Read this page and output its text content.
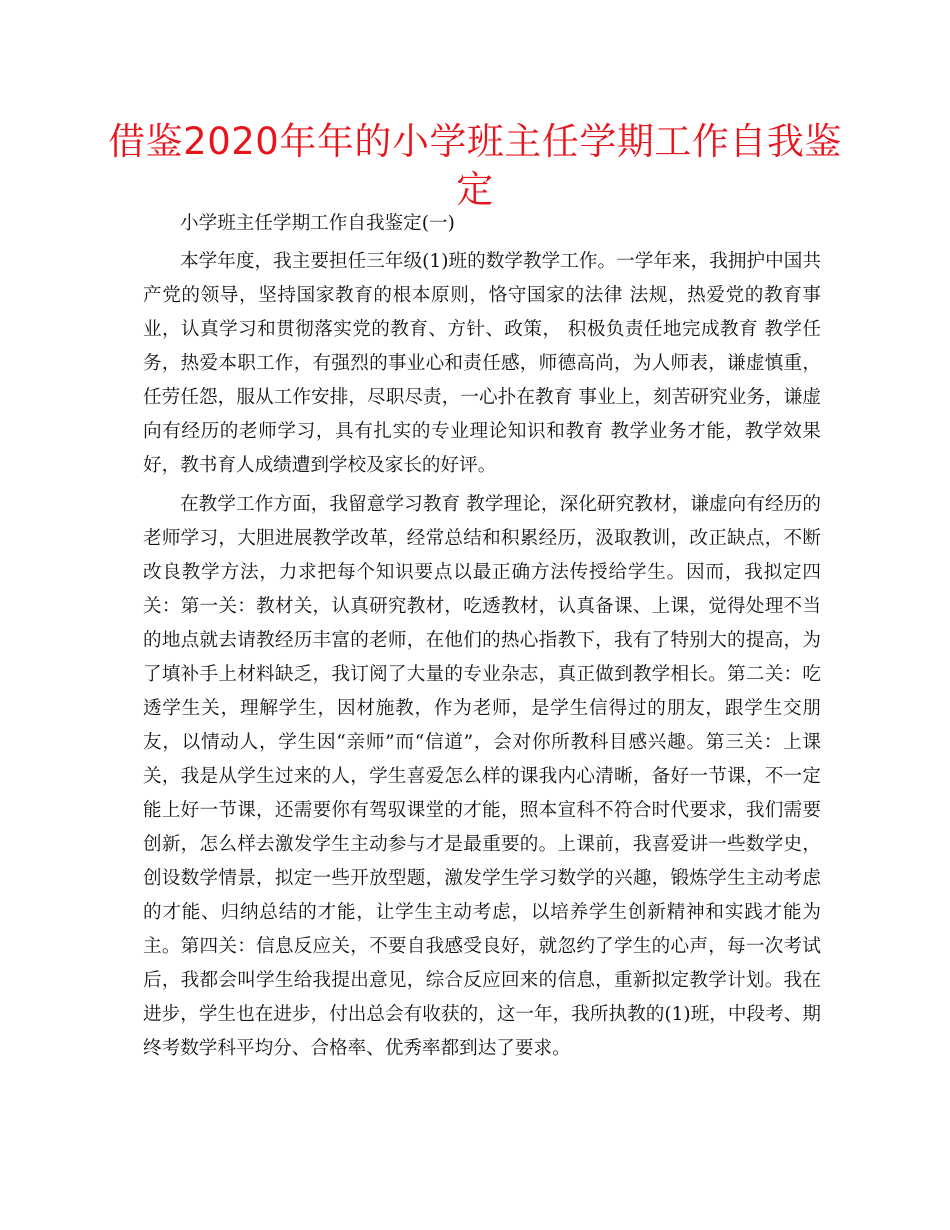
借鉴2020年年的小学班主任学期工作自我鉴定

小学班主任学期工作自我鉴定(一)

本学年度，我主要担任三年级(1)班的数学教学工作。一学年来，我拥护中国共产党的领导，坚持国家教育的根本原则，恪守国家的法律 法规，热爱党的教育事业，认真学习和贯彻落实党的教育、方针、政策， 积极负责任地完成教育 教学任务，热爱本职工作，有强烈的事业心和责任感，师德高尚，为人师表，谦虚慎重，任劳任怨，服从工作安排，尽职尽责，一心扑在教育 事业上，刻苦研究业务，谦虚向有经历的老师学习，具有扎实的专业理论知识和教育 教学业务才能，教学效果好，教书育人成绩遭到学校及家长的好评。

在教学工作方面，我留意学习教育 教学理论，深化研究教材，谦虚向有经历的老师学习，大胆进展教学改革，经常总结和积累经历，汲取教训，改正缺点，不断改良教学方法，力求把每个知识要点以最正确方法传授给学生。因而，我拟定四关：第一关：教材关，认真研究教材，吃透教材，认真备课、上课，觉得处理不当的地点就去请教经历丰富的老师，在他们的热心指教下，我有了特别大的提高，为了填补手上材料缺乏，我订阅了大量的专业杂志，真正做到教学相长。第二关：吃透学生关，理解学生，因材施教，作为老师，是学生信得过的朋友，跟学生交朋友，以情动人，学生因“亲师”而“信道”，会对你所教科目感兴趣。第三关：上课关，我是从学生过来的人，学生喜爱怎么样的课我内心清晰，备好一节课，不一定能上好一节课，还需要你有驾驭课堂的才能，照本宣科不符合时代要求，我们需要创新，怎么样去激发学生主动参与才是最重要的。上课前，我喜爱讲一些数学史，创设数学情景，拟定一些开放型题，激发学生学习数学的兴趣，锻炼学生主动考虑的才能、归纳总结的才能，让学生主动考虑，以培养学生创新精神和实践才能为主。第四关：信息反应关，不要自我感受良好，就忽约了学生的心声，每一次考试 后，我都会叫学生给我提出意见，综合反应回来的信息，重新拟定教学计划。我在进步，学生也在进步，付出总会有收获的，这一年，我所执教的(1)班，中段考、期终考数学科平均分、合格率、优秀率都到达了要求。
